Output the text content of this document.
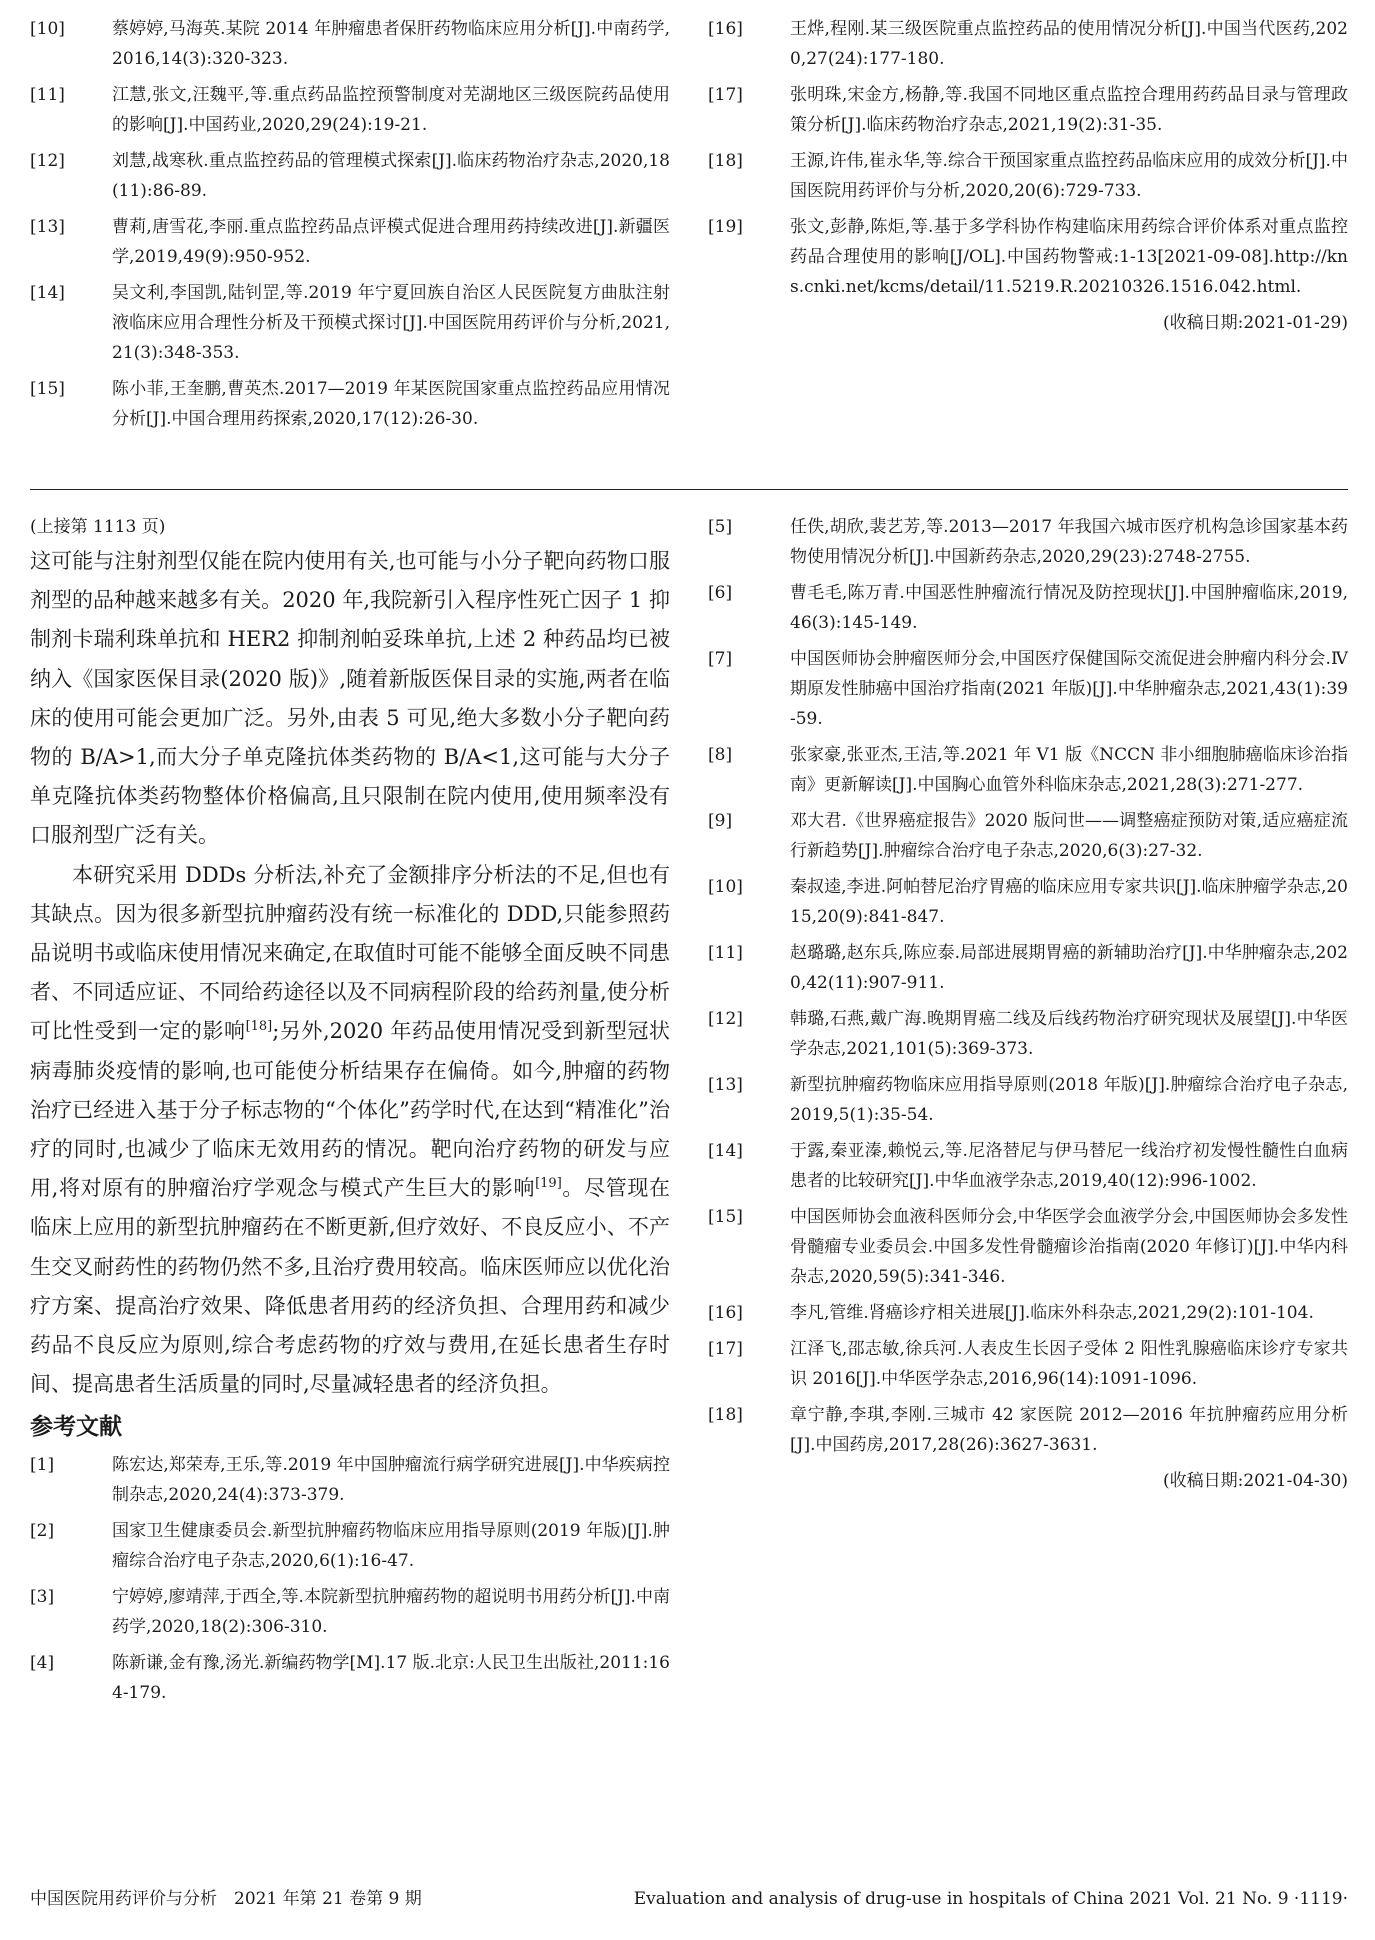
[10]	蔡婷婷,马海英.某院 2014 年肿瘤患者保肝药物临床应用分析[J].中南药学,2016,14(3):320-323.
[11]	江慧,张文,汪魏平,等.重点药品监控预警制度对芜湖地区三级医院药品使用的影响[J].中国药业,2020,29(24):19-21.
[12]	刘慧,战寒秋.重点监控药品的管理模式探索[J].临床药物治疗杂志,2020,18(11):86-89.
[13]	曹莉,唐雪花,李丽.重点监控药品点评模式促进合理用药持续改进[J].新疆医学,2019,49(9):950-952.
[14]	吴文利,李国凯,陆钊罡,等.2019 年宁夏回族自治区人民医院复方曲肽注射液临床应用合理性分析及干预模式探讨[J].中国医院用药评价与分析,2021,21(3):348-353.
[15]	陈小菲,王奎鹏,曹英杰.2017—2019 年某医院国家重点监控药品应用情况分析[J].中国合理用药探索,2020,17(12):26-30.
[16]	王烨,程刚.某三级医院重点监控药品的使用情况分析[J].中国当代医药,2020,27(24):177-180.
[17]	张明珠,宋金方,杨静,等.我国不同地区重点监控合理用药药品目录与管理政策分析[J].临床药物治疗杂志,2021,19(2):31-35.
[18]	王源,许伟,崔永华,等.综合干预国家重点监控药品临床应用的成效分析[J].中国医院用药评价与分析,2020,20(6):729-733.
[19]	张文,彭静,陈炬,等.基于多学科协作构建临床用药综合评价体系对重点监控药品合理使用的影响[J/OL].中国药物警戒:1-13[2021-09-08].http://kns.cnki.net/kcms/detail/11.5219.R.20210326.1516.042.html.
(收稿日期:2021-01-29)
(上接第 1113 页)

这可能与注射剂型仅能在院内使用有关,也可能与小分子靶向药物口服剂型的品种越来越多有关。2020 年,我院新引入程序性死亡因子 1 抑制剂卡瑞利珠单抗和 HER2 抑制剂帕妥珠单抗,上述 2 种药品均已被纳入《国家医保目录(2020 版)》,随着新版医保目录的实施,两者在临床的使用可能会更加广泛。另外,由表 5 可见,绝大多数小分子靶向药物的 B/A>1,而大分子单克隆抗体类药物的 B/A<1,这可能与大分子单克隆抗体类药物整体价格偏高,且只限制在院内使用,使用频率没有口服剂型广泛有关。

本研究采用 DDDs 分析法,补充了金额排序分析法的不足,但也有其缺点。因为很多新型抗肿瘤药没有统一标准化的 DDD,只能参照药品说明书或临床使用情况来确定,在取值时可能不能够全面反映不同患者、不同适应证、不同给药途径以及不同病程阶段的给药剂量,使分析可比性受到一定的影响[18];另外,2020 年药品使用情况受到新型冠状病毒肺炎疫情的影响,也可能使分析结果存在偏倚。如今,肿瘤的药物治疗已经进入基于分子标志物的“个体化”药学时代,在达到“精准化”治疗的同时,也减少了临床无效用药的情况。靶向治疗药物的研发与应用,将对原有的肿瘤治疗学观念与模式产生巨大的影响[19]。尽管现在临床上应用的新型抗肿瘤药在不断更新,但疗效好、不良反应小、不产生交叉耐药性的药物仍然不多,且治疗费用较高。临床医师应以优化治疗方案、提高治疗效果、降低患者用药的经济负担、合理用药和减少药品不良反应为原则,综合考虑药物的疗效与费用,在延长患者生存时间、提高患者生活质量的同时,尽量减轻患者的经济负担。

参考文献
[1]	陈宏达,郑荣寿,王乐,等.2019 年中国肿瘤流行病学研究进展[J].中华疾病控制杂志,2020,24(4):373-379.
[2]	国家卫生健康委员会.新型抗肿瘤药物临床应用指导原则(2019 年版)[J].肿瘤综合治疗电子杂志,2020,6(1):16-47.
[3]	宁婷婷,廖靖萍,于西全,等.本院新型抗肿瘤药物的超说明书用药分析[J].中南药学,2020,18(2):306-310.
[4]	陈新谦,金有豫,汤光.新编药物学[M].17 版.北京:人民卫生出版社,2011:164-179.
[5]	任佚,胡欣,裴艺芳,等.2013—2017 年我国六城市医疗机构急诊国家基本药物使用情况分析[J].中国新药杂志,2020,29(23):2748-2755.
[6]	曹毛毛,陈万青.中国恶性肿瘤流行情况及防控现状[J].中国肿瘤临床,2019,46(3):145-149.
[7]	中国医师协会肿瘤医师分会,中国医疗保健国际交流促进会肿瘤内科分会.Ⅳ期原发性肺癌中国治疗指南(2021 年版)[J].中华肿瘤杂志,2021,43(1):39-59.
[8]	张家豪,张亚杰,王洁,等.2021 年 V1 版《NCCN 非小细胞肺癌临床诊治指南》更新解读[J].中国胸心血管外科临床杂志,2021,28(3):271-277.
[9]	邓大君.《世界癌症报告》2020 版问世——调整癌症预防对策,适应癌症流行新趋势[J].肿瘤综合治疗电子杂志,2020,6(3):27-32.
[10]	秦叔逵,李进.阿帕替尼治疗胃癌的临床应用专家共识[J].临床肿瘤学杂志,2015,20(9):841-847.
[11]	赵璐璐,赵东兵,陈应泰.局部进展期胃癌的新辅助治疗[J].中华肿瘤杂志,2020,42(11):907-911.
[12]	韩璐,石燕,戴广海.晚期胃癌二线及后线药物治疗研究现状及展望[J].中华医学杂志,2021,101(5):369-373.
[13]	新型抗肿瘤药物临床应用指导原则(2018 年版)[J].肿瘤综合治疗电子杂志,2019,5(1):35-54.
[14]	于露,秦亚溱,赖悦云,等.尼洛替尼与伊马替尼一线治疗初发慢性髓性白血病患者的比较研究[J].中华血液学杂志,2019,40(12):996-1002.
[15]	中国医师协会血液科医师分会,中华医学会血液学分会,中国医师协会多发性骨髓瘤专业委员会.中国多发性骨髓瘤诊治指南(2020 年修订)[J].中华内科杂志,2020,59(5):341-346.
[16]	李凡,管维.肾癌诊疗相关进展[J].临床外科杂志,2021,29(2):101-104.
[17]	江泽飞,邵志敏,徐兵河.人表皮生长因子受体 2 阳性乳腺癌临床诊疗专家共识 2016[J].中华医学杂志,2016,96(14):1091-1096.
[18]	章宁静,李琪,李刚.三城市 42 家医院 2012—2016 年抗肿瘤药应用分析[J].中国药房,2017,28(26):3627-3631.
(收稿日期:2021-04-30)
中国医院用药评价与分析　2021 年第 21 卷第 9 期	Evaluation and analysis of drug-use in hospitals of China 2021 Vol. 21 No. 9 ·1119·
